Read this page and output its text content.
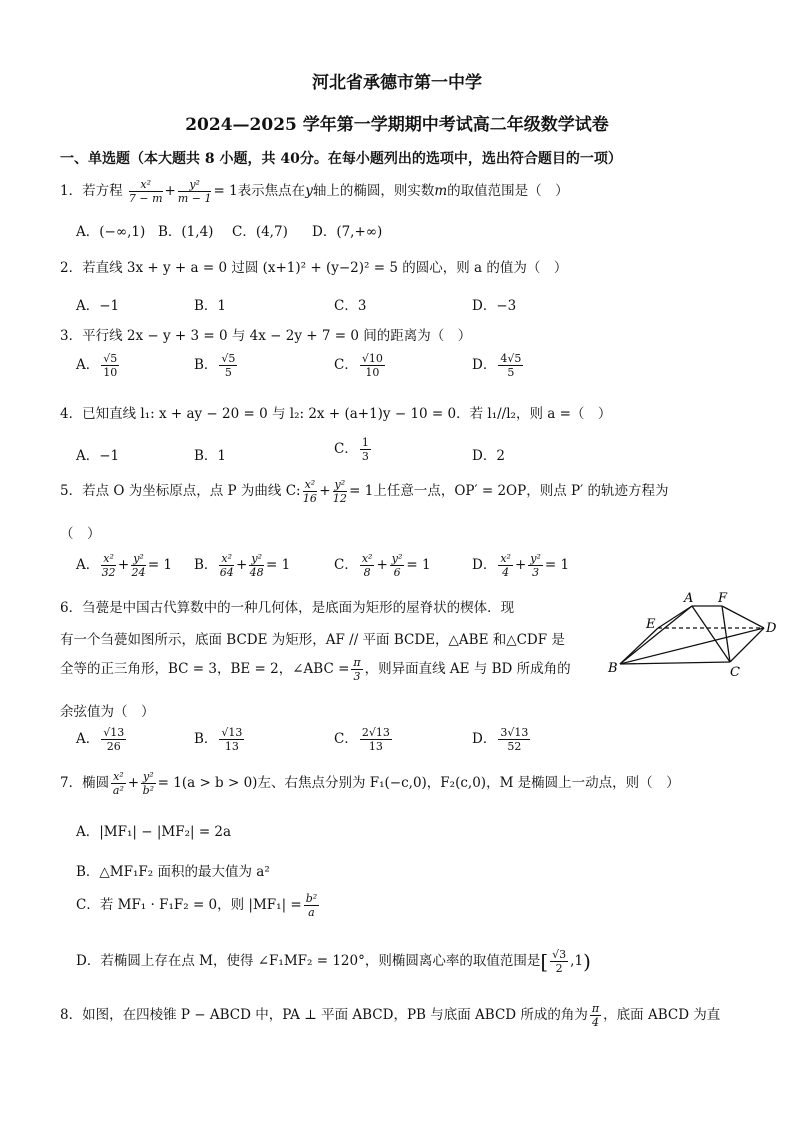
河北省承德市第一中学
2024—2025 学年第一学期期中考试高二年级数学试卷
一、单选题（本大题共 8 小题，共 40分。在每小题列出的选项中，选出符合题目的一项）
1．若方程 $\frac{\text{x²}}{7 - m} + \frac{\text{y²}}{m - 1} = 1$表示焦点在y轴上的椭圆，则实数m的取值范围是（　）
A．(−∞,1) B．(1,4) C．(4,7) D．(7,+∞)
2．若直线 3x + y + a = 0 过圆 (x+1)² + (y−2)² = 5 的圆心，则 a 的值为（　）
A．−1	B．1	C．3	D．−3
3．平行线 2x − y + 3 = 0 与 4x − 2y + 7 = 0 间的距离为（　）
A． $\frac{√5}{10}$	B． $\frac{√5}{5}$	C． $\frac{√10}{10}$	D． $\frac{4√5}{5}$
4．已知直线 l₁: x + ay − 20 = 0 与 l₂: 2x + (a+1)y − 10 = 0．若 l₁//l₂，则 a =（　）
A．−1	B．1	C． $\frac{1}{3}$	D．2
5．若点 O 为坐标原点，点 P 为曲线 C: $\frac{\text{x²}}{16} + \frac{\text{y²}}{12} = 1$上任意一点，OP′ = 2OP，则点 P′ 的轨迹方程为
（　）
A． $\frac{\text{x²}}{32} + \frac{\text{y²}}{24} = 1$ B． $\frac{\text{x²}}{64} + \frac{\text{y²}}{48} = 1$	C． $\frac{\text{x²}}{8} + \frac{\text{y²}}{6} = 1$	D． $\frac{\text{x²}}{4} + \frac{\text{y²}}{3} = 1$
6．刍甍是中国古代算数中的一种几何体，是底面为矩形的屋脊状的楔体．现
有一个刍甍如图所示，底面 BCDE 为矩形，AF // 平面 BCDE，△ABE 和△CDF 是
全等的正三角形，BC = 3，BE = 2，∠ABC = $\frac{\pi}{3}$ ，则异面直线 AE 与 BD 所成角的
余弦值为（　）
A． $\frac{√13}{26}$	B． $\frac{√13}{13}$	C． $\frac{2√13}{13}$	D． $\frac{3√13}{52}$
A F
E	D
B	C
7．椭圆 $\frac{\text{x²}}{\text{a²}} + \frac{\text{y²}}{\text{b²}} = 1(a > b > 0)$左、右焦点分别为 F₁(−c,0)，F₂(c,0)，M 是椭圆上一动点，则（　）
A．|MF₁| − |MF₂| = 2a
B．△MF₁F₂ 面积的最大值为 a²
C．若 MF₁ · F₁F₂ = 0，则 $|MF_1| = \frac{\text{b²}}{a}$
D．若椭圆上存在点 M，使得 ∠F₁MF₂ = 120°，则椭圆离心率的取值范围是[ $\frac{√3}{2} ,1$)
8．如图，在四棱锥 P − ABCD 中，PA ⊥ 平面 ABCD，PB 与底面 ABCD 所成的角为 $\frac{\pi}{4}$ ，底面 ABCD 为直
